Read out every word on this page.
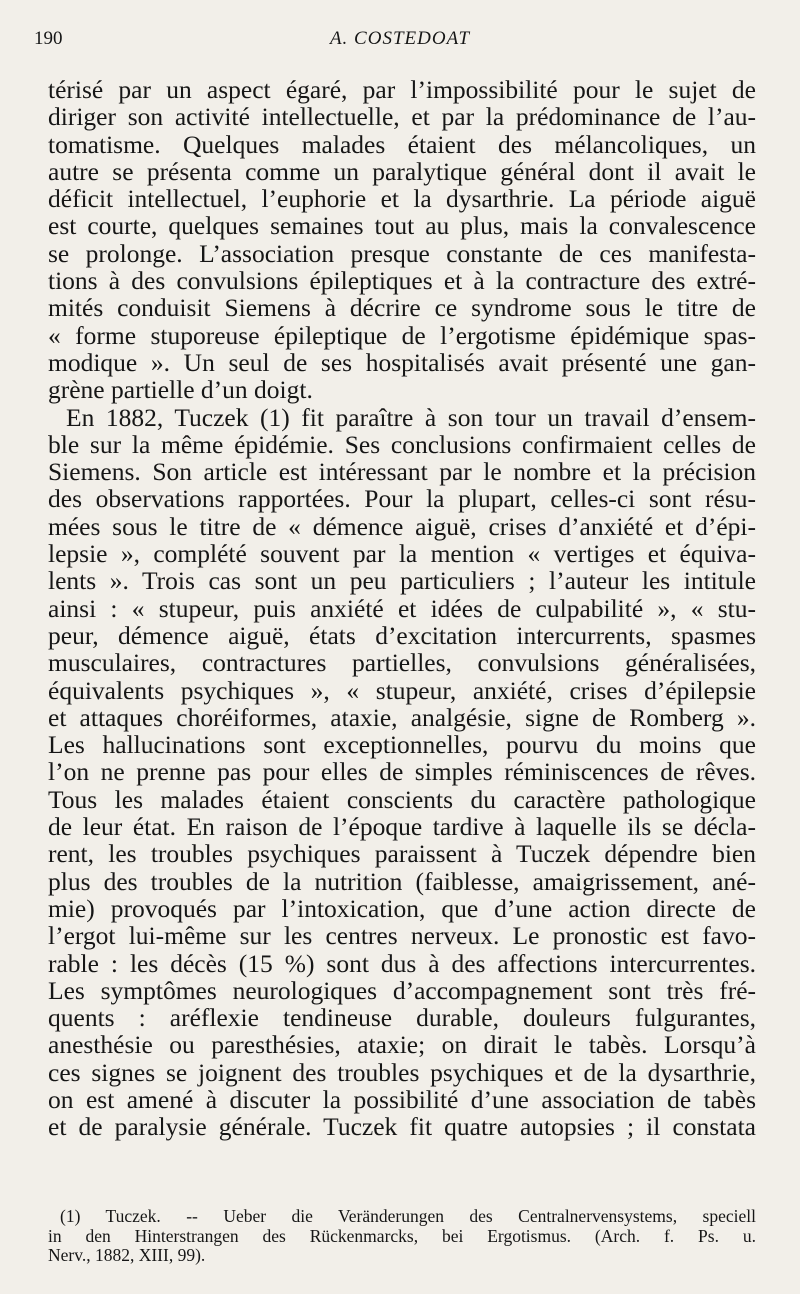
190	A. COSTEDOAT
térisé par un aspect égaré, par l’impossibilité pour le sujet de
diriger son activité intellectuelle, et par la prédominance de l’au-
tomatisme. Quelques malades étaient des mélancoliques, un
autre se présenta comme un paralytique général dont il avait le
déficit intellectuel, l’euphorie et la dysarthrie. La période aiguë
est courte, quelques semaines tout au plus, mais la convalescence
se prolonge. L’association presque constante de ces manifesta-
tions à des convulsions épileptiques et à la contracture des extré-
mités conduisit Siemens à décrire ce syndrome sous le titre de
« forme stuporeuse épileptique de l’ergotisme épidémique spas-
modique ». Un seul de ses hospitalisés avait présenté une gan-
grène partielle d’un doigt.
En 1882, Tuczek (1) fit paraître à son tour un travail d’ensem-
ble sur la même épidémie. Ses conclusions confirmaient celles de
Siemens. Son article est intéressant par le nombre et la précision
des observations rapportées. Pour la plupart, celles-ci sont résu-
mées sous le titre de « démence aiguë, crises d’anxiété et d’épi-
lepsie », complété souvent par la mention « vertiges et équiva-
lents ». Trois cas sont un peu particuliers ; l’auteur les intitule
ainsi : « stupeur, puis anxiété et idées de culpabilité », « stu-
peur, démence aiguë, états d’excitation intercurrents, spasmes
musculaires, contractures partielles, convulsions généralisées,
équivalents psychiques », « stupeur, anxiété, crises d’épilepsie
et attaques choréiformes, ataxie, analgésie, signe de Romberg ».
Les hallucinations sont exceptionnelles, pourvu du moins que
l’on ne prenne pas pour elles de simples réminiscences de rêves.
Tous les malades étaient conscients du caractère pathologique
de leur état. En raison de l’époque tardive à laquelle ils se décla-
rent, les troubles psychiques paraissent à Tuczek dépendre bien
plus des troubles de la nutrition (faiblesse, amaigrissement, ané-
mie) provoqués par l’intoxication, que d’une action directe de
l’ergot lui-même sur les centres nerveux. Le pronostic est favo-
rable : les décès (15 %) sont dus à des affections intercurrentes.
Les symptômes neurologiques d’accompagnement sont très fré-
quents : aréflexie tendineuse durable, douleurs fulgurantes,
anesthésie ou paresthésies, ataxie; on dirait le tabès. Lorsqu’à
ces signes se joignent des troubles psychiques et de la dysarthrie,
on est amené à discuter la possibilité d’une association de tabès
et de paralysie générale. Tuczek fit quatre autopsies ; il constata
(1) Tuczek. -- Ueber die Veränderungen des Centralnervensystems, speciell
in den Hinterstrangen des Rückenmarcks, bei Ergotismus. (Arch. f. Ps. u.
Nerv., 1882, XIII, 99).
